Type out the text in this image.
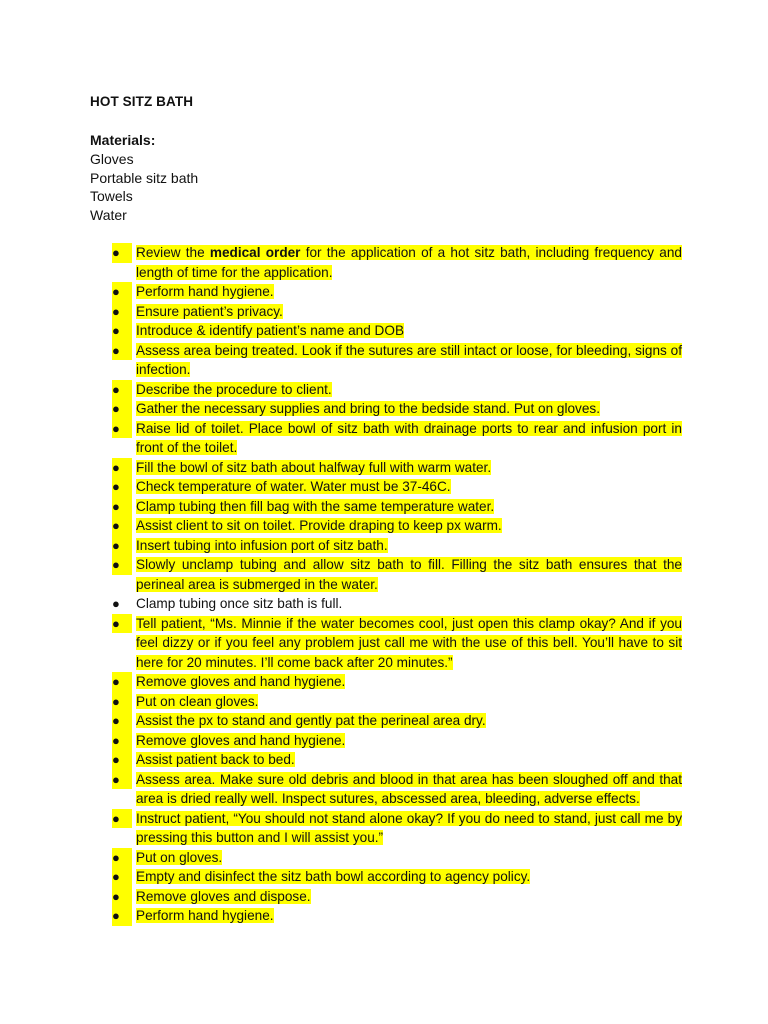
HOT SITZ BATH
Materials:
Gloves
Portable sitz bath
Towels
Water
●	Review the medical order for the application of a hot sitz bath, including frequency and length of time for the application.
●	Perform hand hygiene.
●	Ensure patient’s privacy.
●	Introduce & identify patient’s name and DOB
●	Assess area being treated. Look if the sutures are still intact or loose, for bleeding, signs of infection.
●	Describe the procedure to client.
●	Gather the necessary supplies and bring to the bedside stand. Put on gloves.
●	Raise lid of toilet. Place bowl of sitz bath with drainage ports to rear and infusion port in front of the toilet.
●	Fill the bowl of sitz bath about halfway full with warm water.
●	Check temperature of water. Water must be 37-46C.
●	Clamp tubing then fill bag with the same temperature water.
●	Assist client to sit on toilet. Provide draping to keep px warm.
●	Insert tubing into infusion port of sitz bath.
●	Slowly unclamp tubing and allow sitz bath to fill. Filling the sitz bath ensures that the perineal area is submerged in the water.
●	Clamp tubing once sitz bath is full.
●	Tell patient, “Ms. Minnie if the water becomes cool, just open this clamp okay? And if you feel dizzy or if you feel any problem just call me with the use of this bell. You’ll have to sit here for 20 minutes. I’ll come back after 20 minutes.”
●	Remove gloves and hand hygiene.
●	Put on clean gloves.
●	Assist the px to stand and gently pat the perineal area dry.
●	Remove gloves and hand hygiene.
●	Assist patient back to bed.
●	Assess area. Make sure old debris and blood in that area has been sloughed off and that area is dried really well. Inspect sutures, abscessed area, bleeding, adverse effects.
●	Instruct patient, “You should not stand alone okay? If you do need to stand, just call me by pressing this button and I will assist you.”
●	Put on gloves.
●	Empty and disinfect the sitz bath bowl according to agency policy.
●	Remove gloves and dispose.
●	Perform hand hygiene.
